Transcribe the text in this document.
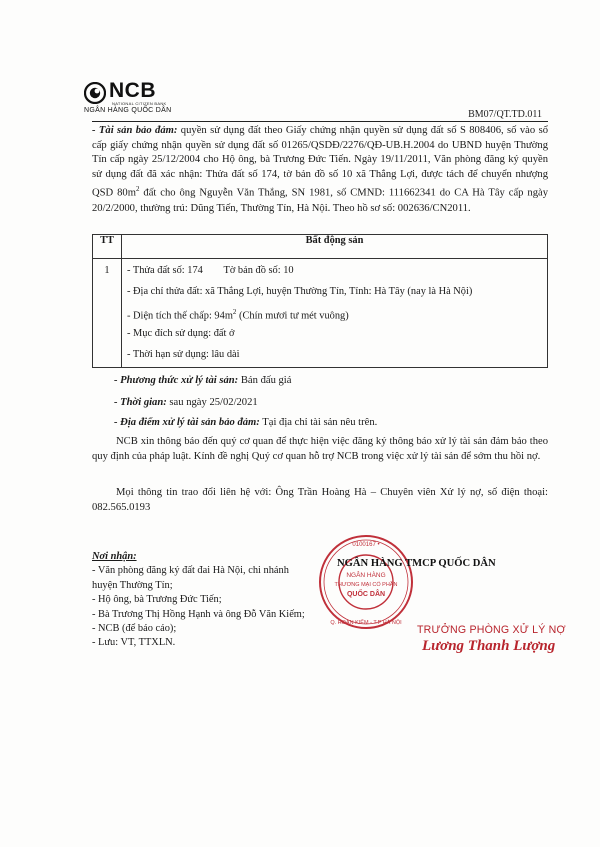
NCB
NATIONAL CITIZEN BANK
NGÂN HÀNG QUỐC DÂN	BM07/QT.TD.011
- Tài sản bảo đảm: quyền sử dụng đất theo Giấy chứng nhận quyền sử dụng đất số S 808406, số vào sổ cấp giấy chứng nhận quyền sử dụng đất số 01265/QSDĐ/2276/QĐ-UB.H.2004 do UBND huyện Thường Tín cấp ngày 25/12/2004 cho Hộ ông, bà Trương Đức Tiến. Ngày 19/11/2011, Văn phòng đăng ký quyền sử dụng đất đã xác nhận: Thửa đất số 174, tờ bản đồ số 10 xã Thắng Lợi, được tách để chuyển nhượng QSD $80m^2$ đất cho ông Nguyễn Văn Thắng, SN 1981, số CMND: 111662341 do CA Hà Tây cấp ngày 20/2/2000, thường trú: Dũng Tiến, Thường Tín, Hà Nội. Theo hồ sơ số: 002636/CN2011.
TT	Bất động sản
1	- Thửa đất số: 174 Tờ bản đồ số: 10
- Địa chỉ thửa đất: xã Thắng Lợi, huyện Thường Tín, Tỉnh: Hà Tây (nay là Hà Nội)
- Diện tích thế chấp: $94m^2$ (Chín mươi tư mét vuông)
- Mục đích sử dụng: đất ở
- Thời hạn sử dụng: lâu dài
- Phương thức xử lý tài sản: Bán đấu giá
- Thời gian: sau ngày 25/02/2021
- Địa điểm xử lý tài sản bảo đảm: Tại địa chỉ tài sản nêu trên.
NCB xin thông báo đến quý cơ quan để thực hiện việc đăng ký thông báo xử lý tài sản đảm bảo theo quy định của pháp luật. Kính đề nghị Quý cơ quan hỗ trợ NCB trong việc xử lý tài sản để sớm thu hồi nợ.
Mọi thông tin trao đổi liên hệ với: Ông Trần Hoàng Hà – Chuyên viên Xử lý nợ, số điện thoại: 082.565.0193
Nơi nhận:
- Văn phòng đăng ký đất đai Hà Nội, chi nhánh huyện Thường Tín;
- Hộ ông, bà Trương Đức Tiến;
- Bà Trương Thị Hồng Hạnh và ông Đỗ Văn Kiếm;
- NCB (để báo cáo);
- Lưu: VT, TTXLN.
NGÂN HÀNG
THƯƠNG MẠI CỔ PHẦN
QUỐC DÂN
0100167 •
Q. HOÀN KIẾM - T.P HÀ NỘI
NGÂN HÀNG TMCP QUỐC DÂN
TRƯỞNG PHÒNG XỬ LÝ NỢ
Lương Thanh Lượng
